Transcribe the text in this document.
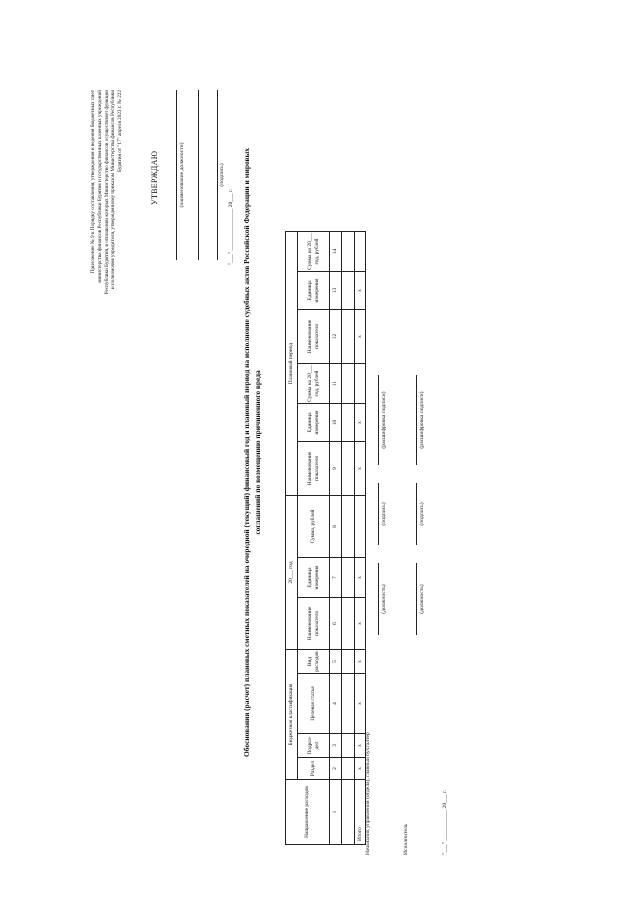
Приложение № 9 к Порядку составления, утверждения и ведения бюджетных смет министерства финансов Республики Бурятия и государственных казенных учреждений Республики Бурятия, в отношении которых Министерство финансов осуществляет функции и полномочия учредителя, утвержденному приказом Министерства финансов Республики Бурятия от "17" апреля 2023 г. № 222
УТВЕРЖДАЮ	(наименование должности)	(подпись)
"___" _______________ 20___ г. Обоснования (расчет) плановых сметных показателей на очередной (текущий) финансовый год и плановый период на исполнение судебных актов Российской Федерации и мировых соглашений по возмещению причиненного вреда
Направление расходов	Бюджетная классификация				20___ год			Плановый период					
	Раздел	Подраз-дел	Целевая статья	Вид расходов	Наименование показателя	Единица измерения	Сумма, рублей	Наименование показателя	Единица измерения	Сумма на 20___ год, рублей	Наименование показателя	Единица измерения	Сумма на 20___ год, рублей

1	2	3	4	5	6	7	8	9	10	11	12	13	14

Итого	x	x	x	x	x	x		x	x		x	x	
Начальник управления (отдела), главный бухгалтер
(должность)
(подпись)
(расшифровка подписи)
Исполнитель
(должность)
(подпись)
(расшифровка подписи)
"___" ___________ 20___ г.
